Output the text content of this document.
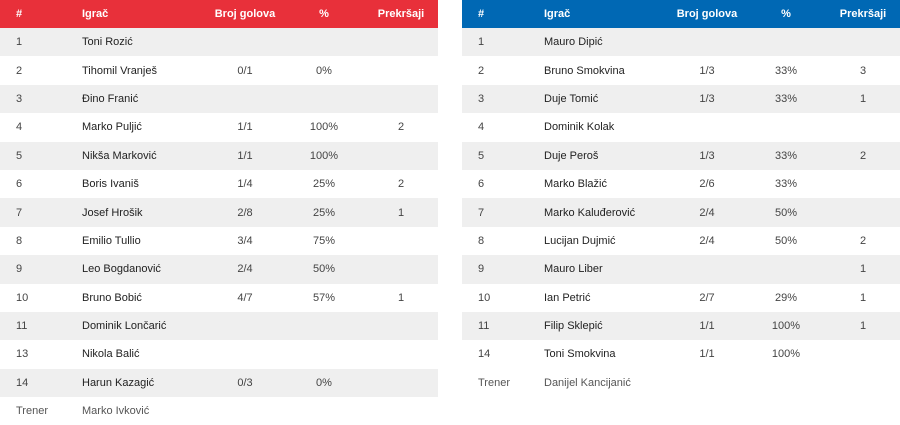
#	Igrač	Broj golova	%	Prekršaji
1	Toni Rozić			
2	Tihomil Vranješ	0/1	0%	
3	Đino Franić			
4	Marko Puljić	1/1	100%	2
5	Nikša Marković	1/1	100%	
6	Boris Ivaniš	1/4	25%	2
7	Josef Hrošik	2/8	25%	1
8	Emilio Tullio	3/4	75%	
9	Leo Bogdanović	2/4	50%	
10	Bruno Bobić	4/7	57%	1
11	Dominik Lončarić			
13	Nikola Balić			
14	Harun Kazagić	0/3	0%	
Trener	Marko Ivković			
#	Igrač	Broj golova	%	Prekršaji
1	Mauro Dipić			
2	Bruno Smokvina	1/3	33%	3
3	Duje Tomić	1/3	33%	1
4	Dominik Kolak			
5	Duje Peroš	1/3	33%	2
6	Marko Blažić	2/6	33%	
7	Marko Kaluđerović	2/4	50%	
8	Lucijan Dujmić	2/4	50%	2
9	Mauro Liber			1
10	Ian Petrić	2/7	29%	1
11	Filip Sklepić	1/1	100%	1
14	Toni Smokvina	1/1	100%	
Trener	Danijel Kancijanić			
